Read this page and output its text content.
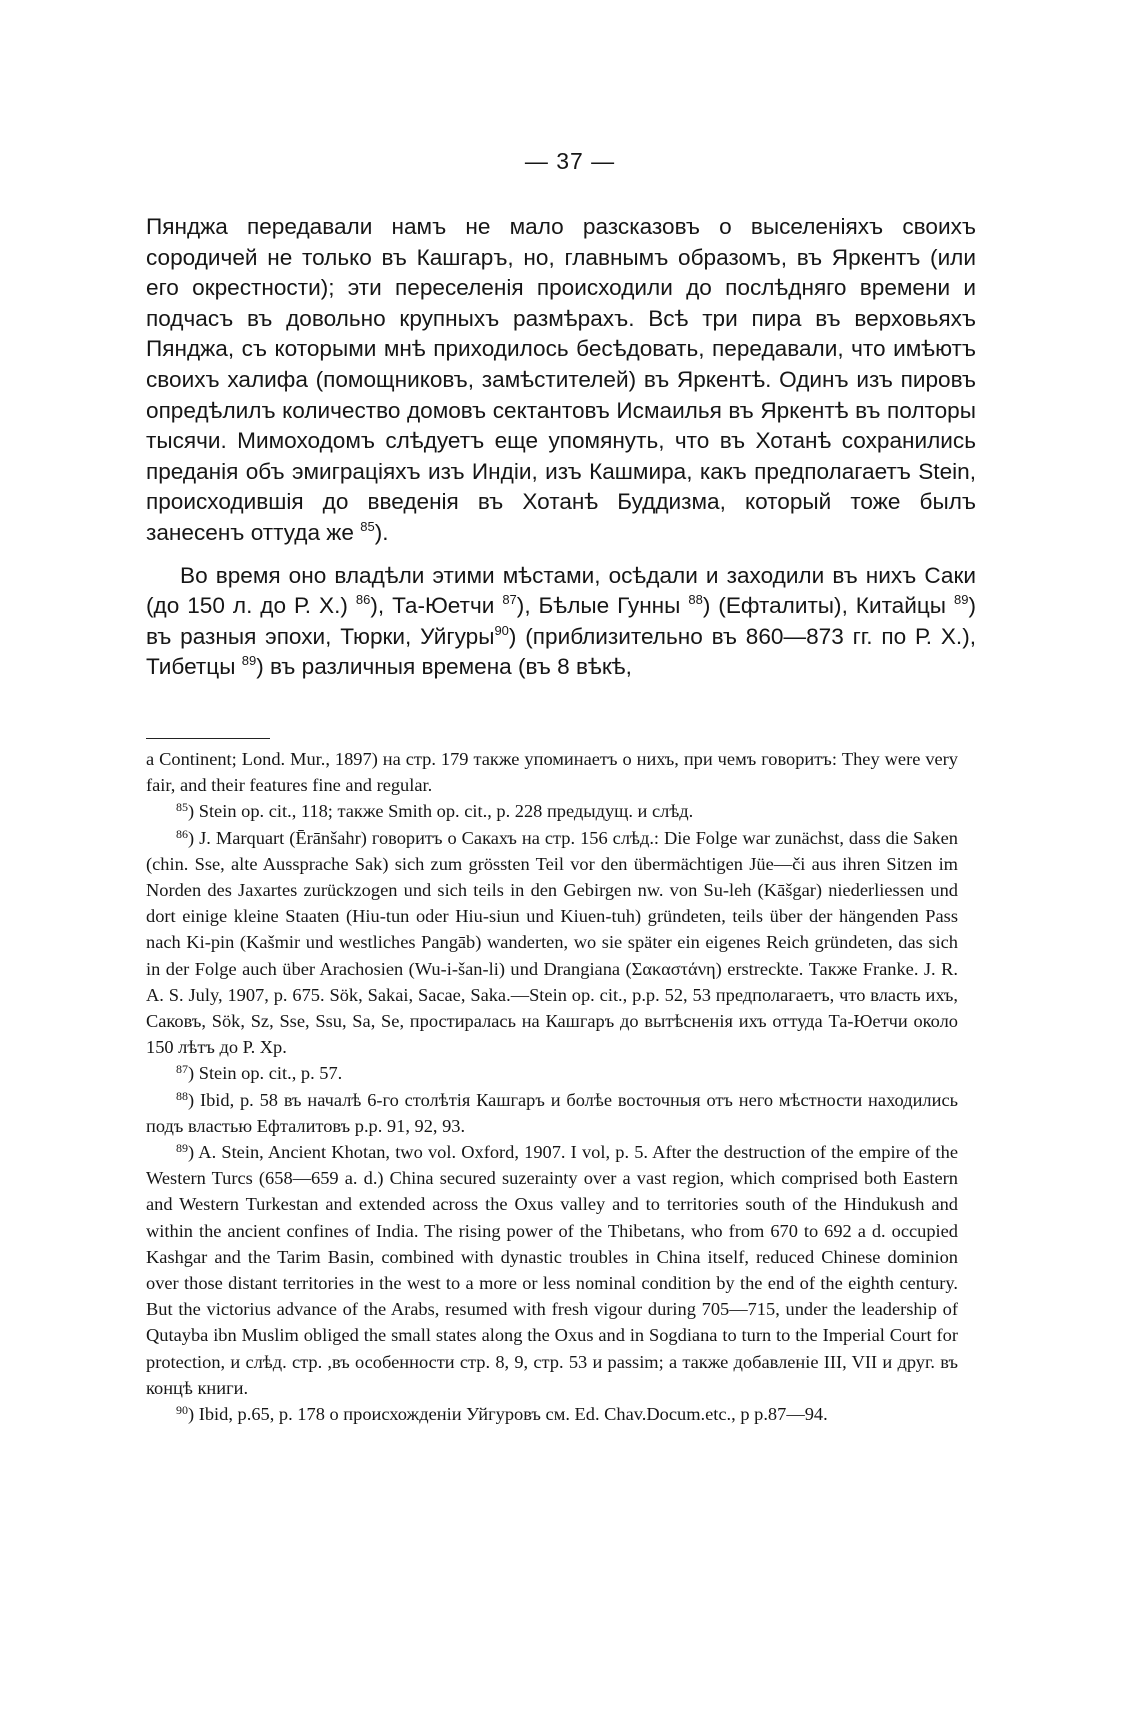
— 37 —

Пянджа передавали намъ не мало разсказовъ о выселеніяхъ своихъ сородичей не только въ Кашгаръ, но, главнымъ образомъ, въ Яркентъ (или его окрестности); эти переселенія происходили до послѣдняго времени и подчасъ въ довольно крупныхъ размѣрахъ. Всѣ три пира въ верховьяхъ Пянджа, съ которыми мнѣ приходилось бесѣдовать, передавали, что имѣютъ своихъ халифа (помощниковъ, замѣстителей) въ Яркентѣ. Одинъ изъ пировъ опредѣлилъ количество домовъ сектантовъ Исмаилья въ Яркентѣ въ полторы тысячи. Мимоходомъ слѣдуетъ еще упомянуть, что въ Хотанѣ сохранились преданія объ эмиграціяхъ изъ Индіи, изъ Кашмира, какъ предполагаетъ Stein, происходившія до введенія въ Хотанѣ Буддизма, который тоже былъ занесенъ оттуда же $^{85}$).

Во время оно владѣли этими мѣстами, осѣдали и заходили въ нихъ Саки (до 150 л. до Р. Х.) $^{86}$), Та-Юетчи $^{87}$), Бѣлые Гунны $^{88}$) (Ефталиты), Китайцы $^{89}$) въ разныя эпохи, Тюрки, Уйгуры$^{90}$) (приблизительно въ 860—873 гг. по Р. Х.), Тибетцы $^{89}$) въ различныя времена (въ 8 вѣкѣ,

a Continent; Lond. Mur., 1897) на стр. 179 также упоминаетъ о нихъ, при чемъ говоритъ: They were very fair, and their features fine and regular.

$^{85}$) Stein op. cit., 118; также Smith op. cit., p. 228 предыдущ. и слѣд.

$^{86}$) J. Marquart (Ērānšahr) говоритъ о Сакахъ на стр. 156 слѣд.: Die Folge war zunächst, dass die Saken (chin. Sse, alte Aussprache Sak) sich zum grössten Teil vor den übermächtigen Jüe—či aus ihren Sitzen im Norden des Jaxartes zurückzogen und sich teils in den Gebirgen nw. von Su-leh (Kāšgar) niederliessen und dort einige kleine Staaten (Hiu-tun oder Hiu-siun und Kiuen-tuh) gründeten, teils über der hängenden Pass nach Ki-pin (Kašmir und westliches Pangāb) wanderten, wo sie später ein eigenes Reich gründeten, das sich in der Folge auch über Arachosien (Wu-i-šan-li) und Drangiana (Σακαστάνη) erstreckte. Также Franke. J. R. A. S. July, 1907, p. 675. Sök, Sakai, Sacae, Saka.—Stein op. cit., p.p. 52, 53 предполагаетъ, что власть ихъ, Саковъ, Sök, Sz, Sse, Ssu, Sa, Se, простиралась на Кашгаръ до вытѣсненія ихъ оттуда Та-Юетчи около 150 лѣтъ до Р. Хр.

$^{87}$) Stein op. cit., p. 57.

$^{88}$) Ibid, p. 58 въ началѣ 6-го столѣтія Кашгаръ и болѣе восточныя отъ него мѣстности находились подъ властью Ефталитовъ p.p. 91, 92, 93.

$^{89}$) A. Stein, Ancient Khotan, two vol. Oxford, 1907. I vol, p. 5. After the destruction of the empire of the Western Turcs (658—659 a. d.) China secured suzerainty over a vast region, which comprised both Eastern and Western Turkestan and extended across the Oxus valley and to territories south of the Hindukush and within the ancient confines of India. The rising power of the Thibetans, who from 670 to 692 a d. occupied Kashgar and the Tarim Basin, combined with dynastic troubles in China itself, reduced Chinese dominion over those distant territories in the west to a more or less nominal condition by the end of the eighth century. But the victorius advance of the Arabs, resumed with fresh vigour during 705—715, under the leadership of Qutayba ibn Muslim obliged the small states along the Oxus and in Sogdiana to turn to the Imperial Court for protection, и слѣд. стр. ,въ особенности стр. 8, 9, стр. 53 и passim; а также добавленіе III, VII и друг. въ концѣ книги.

$^{90}$) Ibid, p.65, p. 178 о происхожденіи Уйгуровъ см. Ed. Chav.Docum.etc., p p.87—94.
